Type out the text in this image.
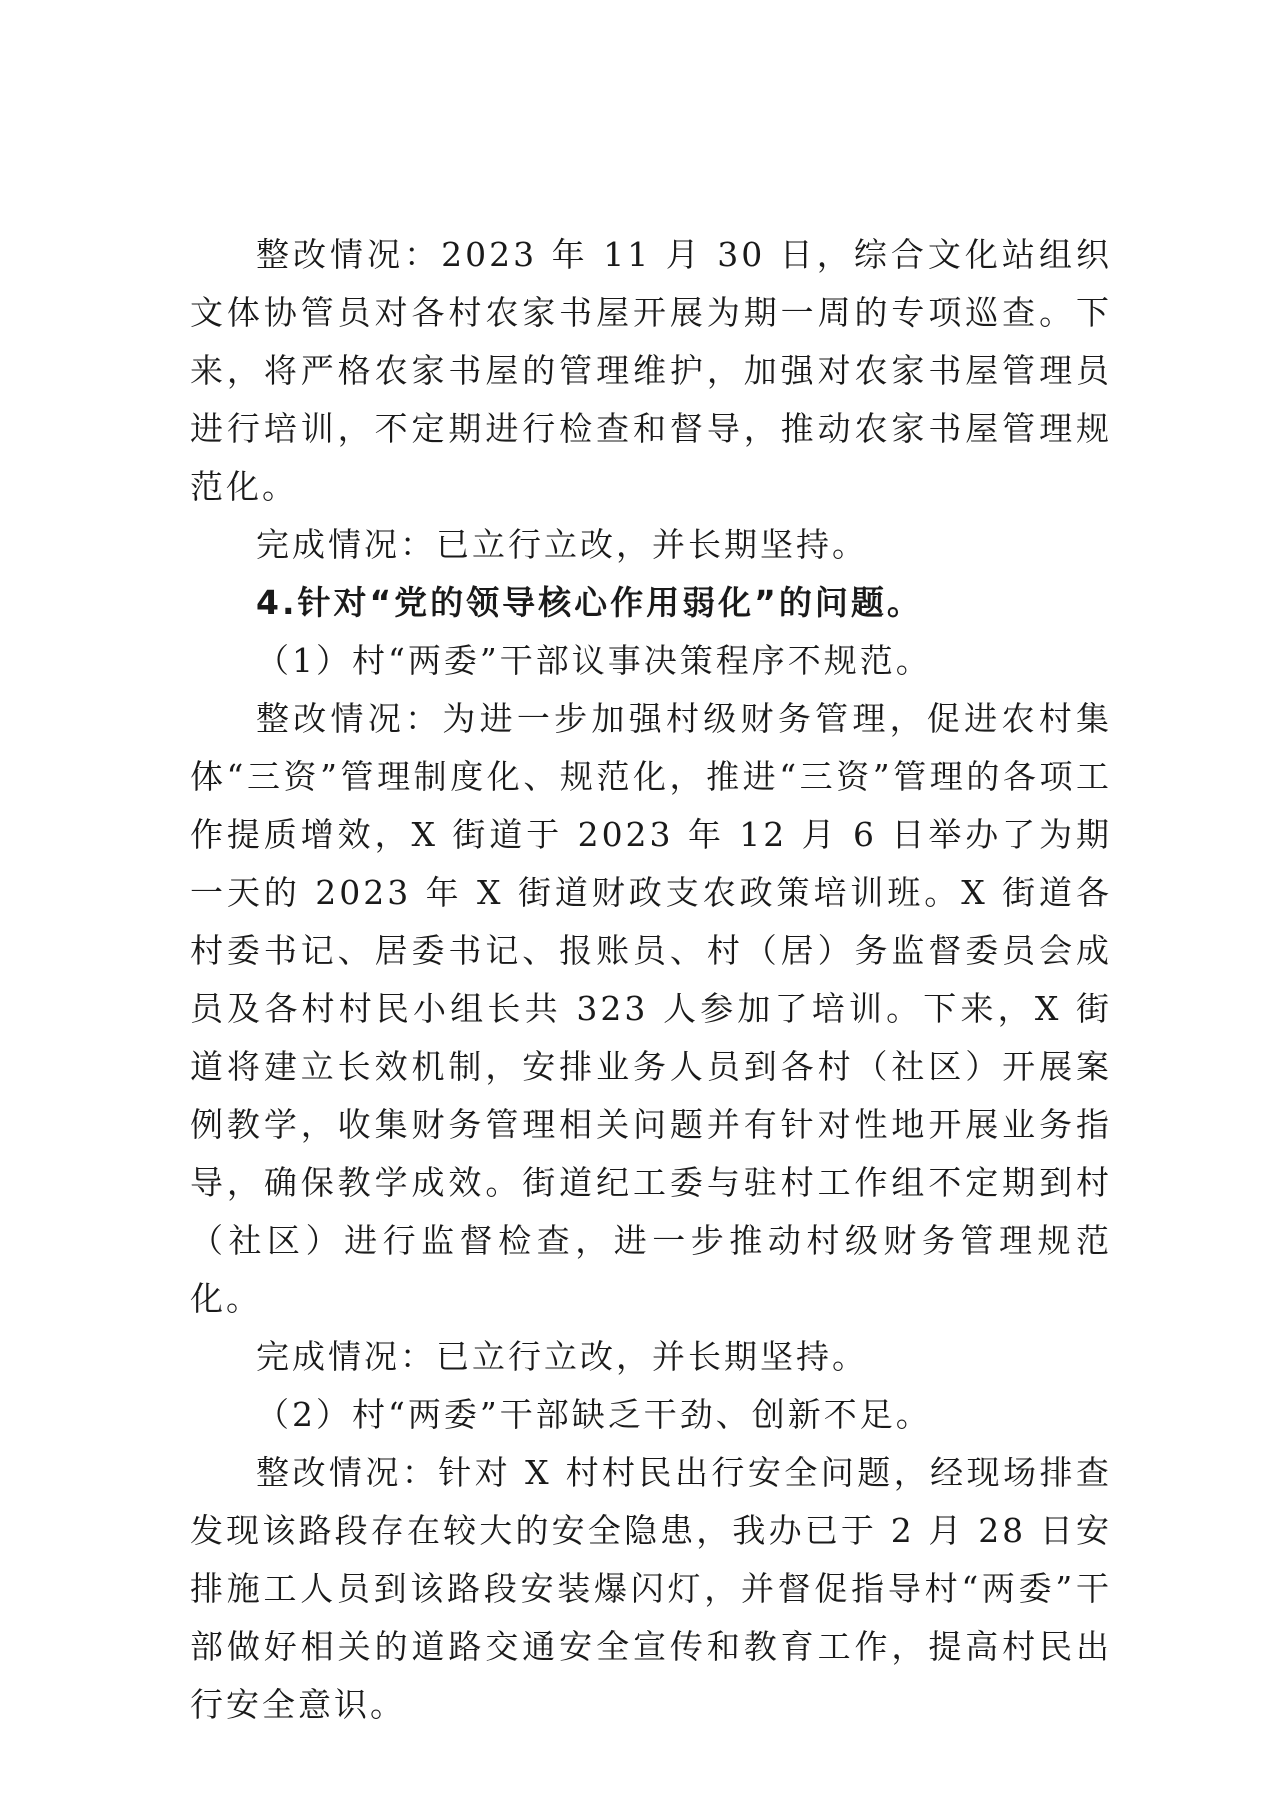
整改情况：2023 年 11 月 30 日，综合文化站组织文体协管员对各村农家书屋开展为期一周的专项巡查。下来，将严格农家书屋的管理维护，加强对农家书屋管理员进行培训，不定期进行检查和督导，推动农家书屋管理规范化。

完成情况：已立行立改，并长期坚持。

4.针对“党的领导核心作用弱化”的问题。

（1）村“两委”干部议事决策程序不规范。

整改情况：为进一步加强村级财务管理，促进农村集体“三资”管理制度化、规范化，推进“三资”管理的各项工作提质增效，X 街道于 2023 年 12 月 6 日举办了为期一天的 2023 年 X 街道财政支农政策培训班。X 街道各村委书记、居委书记、报账员、村（居）务监督委员会成员及各村村民小组长共 323 人参加了培训。下来，X 街道将建立长效机制，安排业务人员到各村（社区）开展案例教学，收集财务管理相关问题并有针对性地开展业务指导，确保教学成效。街道纪工委与驻村工作组不定期到村（社区）进行监督检查，进一步推动村级财务管理规范化。

完成情况：已立行立改，并长期坚持。

（2）村“两委”干部缺乏干劲、创新不足。

整改情况：针对 X 村村民出行安全问题，经现场排查发现该路段存在较大的安全隐患，我办已于 2 月 28 日安排施工人员到该路段安装爆闪灯，并督促指导村“两委”干部做好相关的道路交通安全宣传和教育工作，提高村民出行安全意识。
